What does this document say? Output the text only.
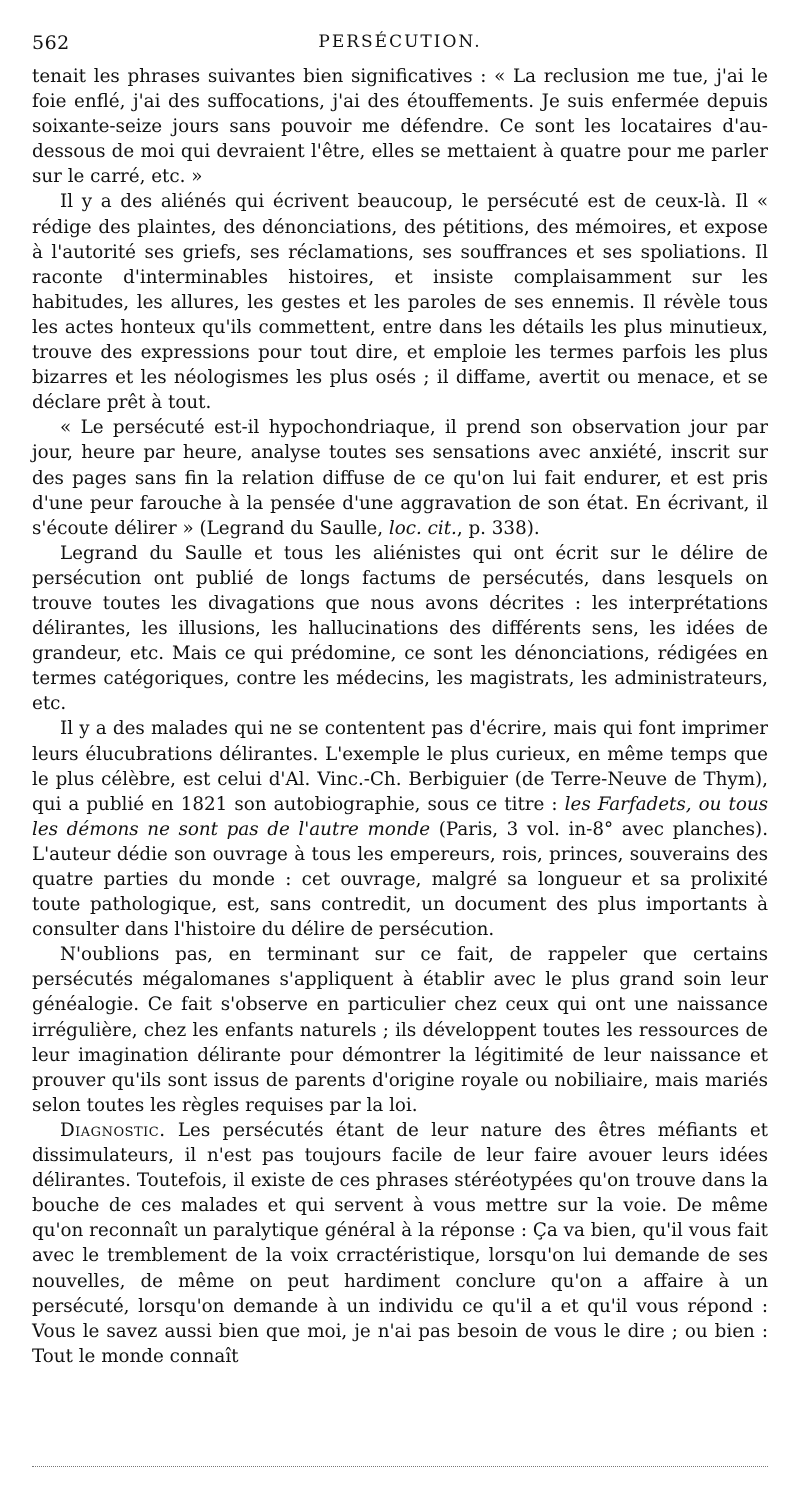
562	PERSÉCUTION.

tenait les phrases suivantes bien significatives : « La reclusion me tue, j'ai le foie enflé, j'ai des suffocations, j'ai des étouffements. Je suis enfermée depuis soixante-seize jours sans pouvoir me défendre. Ce sont les locataires d'au-dessous de moi qui devraient l'être, elles se mettaient à quatre pour me parler sur le carré, etc. »

Il y a des aliénés qui écrivent beaucoup, le persécuté est de ceux-là. Il « rédige des plaintes, des dénonciations, des pétitions, des mémoires, et expose à l'autorité ses griefs, ses réclamations, ses souffrances et ses spoliations. Il raconte d'interminables histoires, et insiste complaisamment sur les habitudes, les allures, les gestes et les paroles de ses ennemis. Il révèle tous les actes honteux qu'ils commettent, entre dans les détails les plus minutieux, trouve des expressions pour tout dire, et emploie les termes parfois les plus bizarres et les néologismes les plus osés ; il diffame, avertit ou menace, et se déclare prêt à tout.

« Le persécuté est-il hypochondriaque, il prend son observation jour par jour, heure par heure, analyse toutes ses sensations avec anxiété, inscrit sur des pages sans fin la relation diffuse de ce qu'on lui fait endurer, et est pris d'une peur farouche à la pensée d'une aggravation de son état. En écrivant, il s'écoute délirer » (Legrand du Saulle, loc. cit., p. 338).

Legrand du Saulle et tous les aliénistes qui ont écrit sur le délire de persécution ont publié de longs factums de persécutés, dans lesquels on trouve toutes les divagations que nous avons décrites : les interprétations délirantes, les illusions, les hallucinations des différents sens, les idées de grandeur, etc. Mais ce qui prédomine, ce sont les dénonciations, rédigées en termes catégoriques, contre les médecins, les magistrats, les administrateurs, etc.

Il y a des malades qui ne se contentent pas d'écrire, mais qui font imprimer leurs élucubrations délirantes. L'exemple le plus curieux, en même temps que le plus célèbre, est celui d'Al. Vinc.-Ch. Berbiguier (de Terre-Neuve de Thym), qui a publié en 1821 son autobiographie, sous ce titre : les Farfadets, ou tous les démons ne sont pas de l'autre monde (Paris, 3 vol. in-8° avec planches). L'auteur dédie son ouvrage à tous les empereurs, rois, princes, souverains des quatre parties du monde : cet ouvrage, malgré sa longueur et sa prolixité toute pathologique, est, sans contredit, un document des plus importants à consulter dans l'histoire du délire de persécution.

N'oublions pas, en terminant sur ce fait, de rappeler que certains persécutés mégalomanes s'appliquent à établir avec le plus grand soin leur généalogie. Ce fait s'observe en particulier chez ceux qui ont une naissance irrégulière, chez les enfants naturels ; ils développent toutes les ressources de leur imagination délirante pour démontrer la légitimité de leur naissance et prouver qu'ils sont issus de parents d'origine royale ou nobiliaire, mais mariés selon toutes les règles requises par la loi.

Diagnostic. Les persécutés étant de leur nature des êtres méfiants et dissimulateurs, il n'est pas toujours facile de leur faire avouer leurs idées délirantes. Toutefois, il existe de ces phrases stéréotypées qu'on trouve dans la bouche de ces malades et qui servent à vous mettre sur la voie. De même qu'on reconnaît un paralytique général à la réponse : Ça va bien, qu'il vous fait avec le tremblement de la voix crractéristique, lorsqu'on lui demande de ses nouvelles, de même on peut hardiment conclure qu'on a affaire à un persécuté, lorsqu'on demande à un individu ce qu'il a et qu'il vous répond : Vous le savez aussi bien que moi, je n'ai pas besoin de vous le dire ; ou bien : Tout le monde connaît
